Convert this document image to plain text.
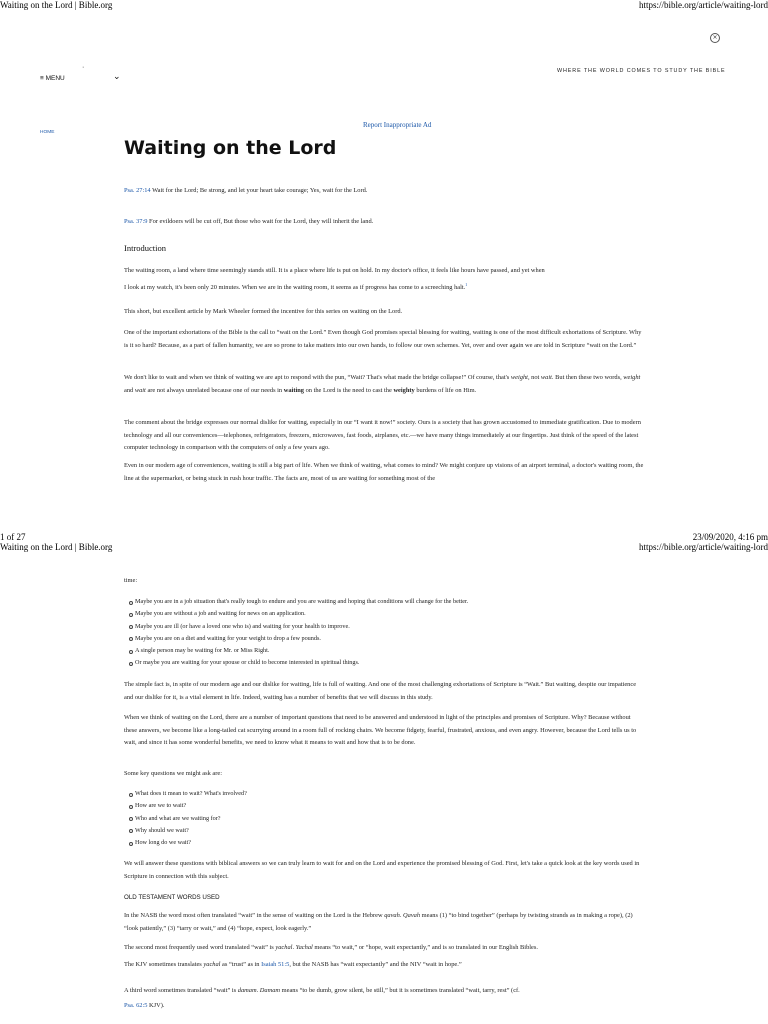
Waiting on the Lord | Bible.org	https://bible.org/article/waiting-lord
×
≡ MENU
·
⌄	WHERE THE WORLD COMES TO STUDY THE BIBLE
HOME
Report Inappropriate Ad
Waiting on the Lord
Psa. 27:14 Wait for the Lord; Be strong, and let your heart take courage; Yes, wait for the Lord.
Psa. 37:9 For evildoers will be cut off, But those who wait for the Lord, they will inherit the land.
Introduction
The waiting room, a land where time seemingly stands still. It is a place where life is put on hold. In my doctor's office, it feels like hours have passed, and yet when
I look at my watch, it's been only 20 minutes. When we are in the waiting room, it seems as if progress has come to a screeching halt.$^1$
This short, but excellent article by Mark Wheeler formed the incentive for this series on waiting on the Lord.
One of the important exhortations of the Bible is the call to “wait on the Lord.” Even though God promises special blessing for waiting, waiting is one of the most difficult exhortations of Scripture. Why is it so hard? Because, as a part of fallen humanity, we are so prone to take matters into our own hands, to follow our own schemes. Yet, over and over again we are told in Scripture “wait on the Lord.”
We don't like to wait and when we think of waiting we are apt to respond with the pun, “Wait? That's what made the bridge collapse!” Of course, that's weight, not wait. But then these two words, weight and wait are not always unrelated because one of our needs in waiting on the Lord is the need to cast the weighty burdens of life on Him.
The comment about the bridge expresses our normal dislike for waiting, especially in our “I want it now!” society. Ours is a society that has grown accustomed to immediate gratification. Due to modern technology and all our conveniences—telephones, refrigerators, freezers, microwaves, fast foods, airplanes, etc.—we have many things immediately at our fingertips. Just think of the speed of the latest computer technology in comparison with the computers of only a few years ago.
Even in our modern age of conveniences, waiting is still a big part of life. When we think of waiting, what comes to mind? We might conjure up visions of an airport terminal, a doctor's waiting room, the line at the supermarket, or being stuck in rush hour traffic. The facts are, most of us are waiting for something most of the
1 of 27	23/09/2020, 4:16 pm
Waiting on the Lord | Bible.org	https://bible.org/article/waiting-lord
time:
Maybe you are in a job situation that's really tough to endure and you are waiting and hoping that conditions will change for the better.
Maybe you are without a job and waiting for news on an application.
Maybe you are ill (or have a loved one who is) and waiting for your health to improve.
Maybe you are on a diet and waiting for your weight to drop a few pounds.
A single person may be waiting for Mr. or Miss Right.
Or maybe you are waiting for your spouse or child to become interested in spiritual things.
The simple fact is, in spite of our modern age and our dislike for waiting, life is full of waiting. And one of the most challenging exhortations of Scripture is “Wait.” But waiting, despite our impatience and our dislike for it, is a vital element in life. Indeed, waiting has a number of benefits that we will discuss in this study.
When we think of waiting on the Lord, there are a number of important questions that need to be answered and understood in light of the principles and promises of Scripture. Why? Because without these answers, we become like a long-tailed cat scurrying around in a room full of rocking chairs. We become fidgety, fearful, frustrated, anxious, and even angry. However, because the Lord tells us to wait, and since it has some wonderful benefits, we need to know what it means to wait and how that is to be done.
Some key questions we might ask are:
What does it mean to wait? What's involved?
How are we to wait?
Who and what are we waiting for?
Why should we wait?
How long do we wait?
We will answer these questions with biblical answers so we can truly learn to wait for and on the Lord and experience the promised blessing of God. First, let's take a quick look at the key words used in Scripture in connection with this subject.
OLD TESTAMENT WORDS USED
In the NASB the word most often translated “wait” in the sense of waiting on the Lord is the Hebrew qavah. Qavah means (1) “to bind together” (perhaps by twisting strands as in making a rope), (2) “look patiently,” (3) “tarry or wait,” and (4) “hope, expect, look eagerly.”
The second most frequently used word translated “wait” is yachal. Yachal means “to wait,” or “hope, wait expectantly,” and is so translated in our English Bibles.
The KJV sometimes translates yachal as “trust” as in Isaiah 51:5, but the NASB has “wait expectantly” and the NIV “wait in hope.”
A third word sometimes translated “wait” is damam. Damam means “to be dumb, grow silent, be still,” but it is sometimes translated “wait, tarry, rest” (cf.
Psa. 62:5 KJV).
